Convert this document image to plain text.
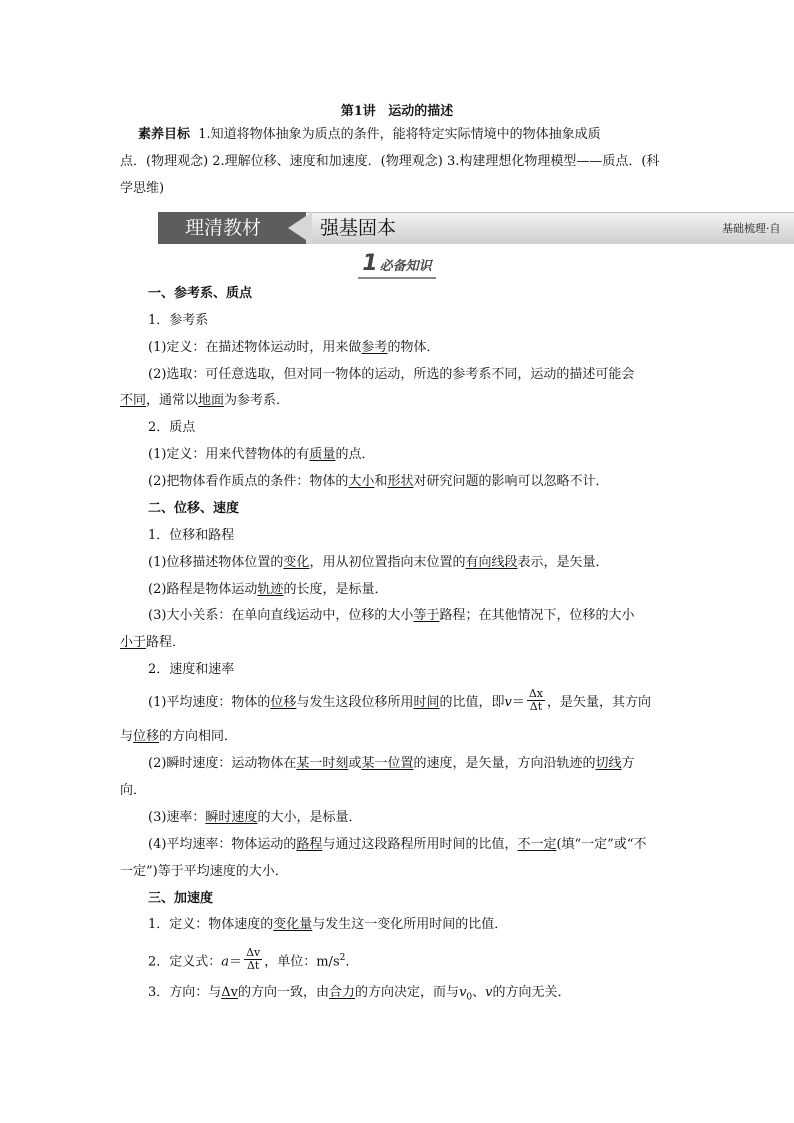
第1讲 运动的描述
素养目标 1.知道将物体抽象为质点的条件，能将特定实际情境中的物体抽象成质
点．(物理观念) 2.理解位移、速度和加速度．(物理观念) 3.构建理想化物理模型——质点．(科
学思维)
理清教材	强基固本	基础梳理·自
1 必备知识
一、参考系、质点
1．参考系
(1)定义：在描述物体运动时，用来做参考的物体．
(2)选取：可任意选取，但对同一物体的运动，所选的参考系不同，运动的描述可能会
不同，通常以地面为参考系．
2．质点
(1)定义：用来代替物体的有质量的点．
(2)把物体看作质点的条件：物体的大小和形状对研究问题的影响可以忽略不计．
二、位移、速度
1．位移和路程
(1)位移描述物体位置的变化，用从初位置指向末位置的有向线段表示，是矢量．
(2)路程是物体运动轨迹的长度，是标量．
(3)大小关系：在单向直线运动中，位移的大小等于路程；在其他情况下，位移的大小
小于路程．
2．速度和速率
(1)平均速度：物体的位移与发生这段位移所用时间的比值，即$v= \frac{\Delta x}{\Delta t}$ ，是矢量，其方向
与位移的方向相同．
(2)瞬时速度：运动物体在某一时刻或某一位置的速度，是矢量，方向沿轨迹的切线方
向．
(3)速率：瞬时速度的大小，是标量．
(4)平均速率：物体运动的路程与通过这段路程所用时间的比值，不一定(填“一定”或“不
一定”)等于平均速度的大小．
三、加速度
1．定义：物体速度的变化量与发生这一变化所用时间的比值．
2．定义式：$a= \frac{\Delta v}{\Delta t}$ ，单位：$m/s^2$．
3．方向：与Δv的方向一致，由合力的方向决定，而与$v_0$、v的方向无关．
